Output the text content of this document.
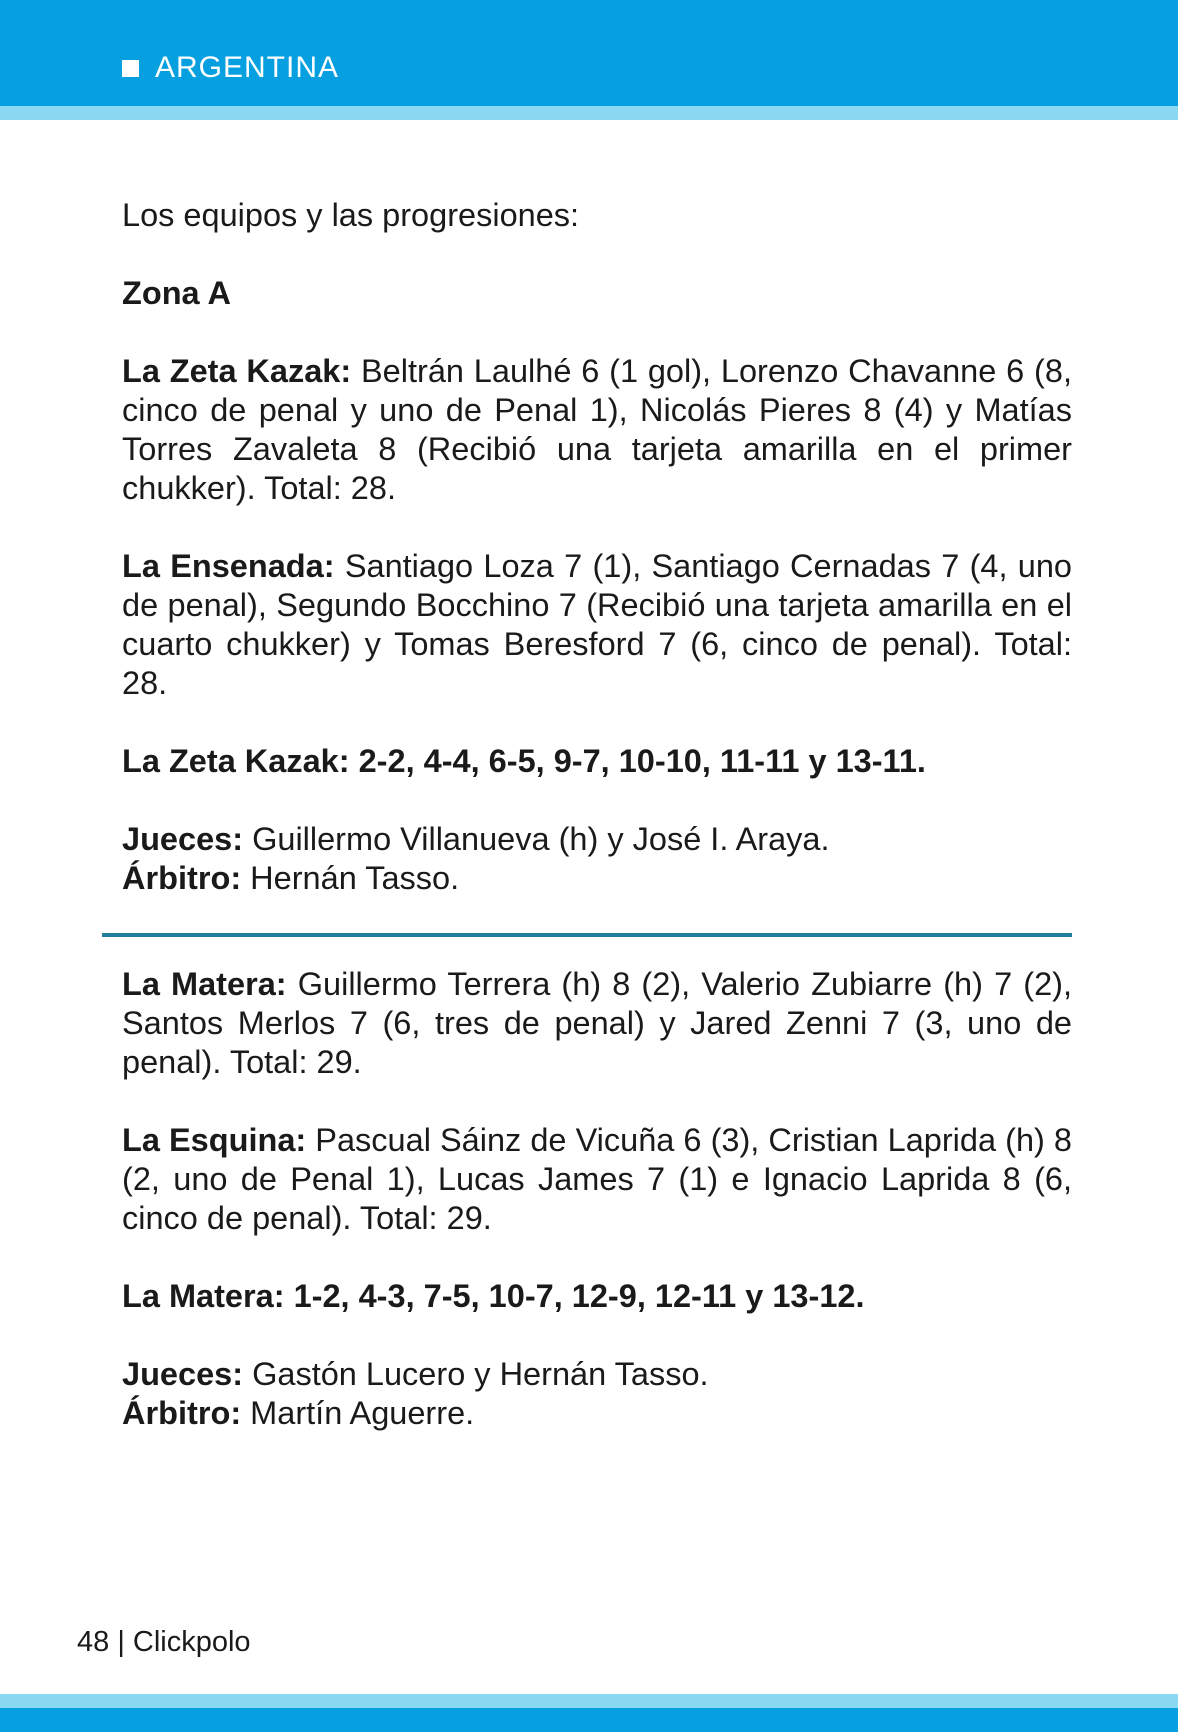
ARGENTINA

Los equipos y las progresiones:

Zona A

La Zeta Kazak: Beltrán Laulhé 6 (1 gol), Lorenzo Chavanne 6 (8, cinco de penal y uno de Penal 1), Nicolás Pieres 8 (4) y Matías Torres Zavaleta 8 (Recibió una tarjeta amarilla en el primer chukker). Total: 28.

La Ensenada: Santiago Loza 7 (1), Santiago Cernadas 7 (4, uno de penal), Segundo Bocchino 7 (Recibió una tarjeta amarilla en el cuarto chukker) y Tomas Beresford 7 (6, cinco de penal). Total: 28.

La Zeta Kazak: 2-2, 4-4, 6-5, 9-7, 10-10, 11-11 y 13-11.

Jueces: Guillermo Villanueva (h) y José I. Araya.

Árbitro: Hernán Tasso.

La Matera: Guillermo Terrera (h) 8 (2), Valerio Zubiarre (h) 7 (2), Santos Merlos 7 (6, tres de penal) y Jared Zenni 7 (3, uno de penal). Total: 29.

La Esquina: Pascual Sáinz de Vicuña 6 (3), Cristian Laprida (h) 8 (2, uno de Penal 1), Lucas James 7 (1) e Ignacio Laprida 8 (6, cinco de penal). Total: 29.

La Matera: 1-2, 4-3, 7-5, 10-7, 12-9, 12-11 y 13-12.

Jueces: Gastón Lucero y Hernán Tasso.

Árbitro: Martín Aguerre.

48 | Clickpolo
